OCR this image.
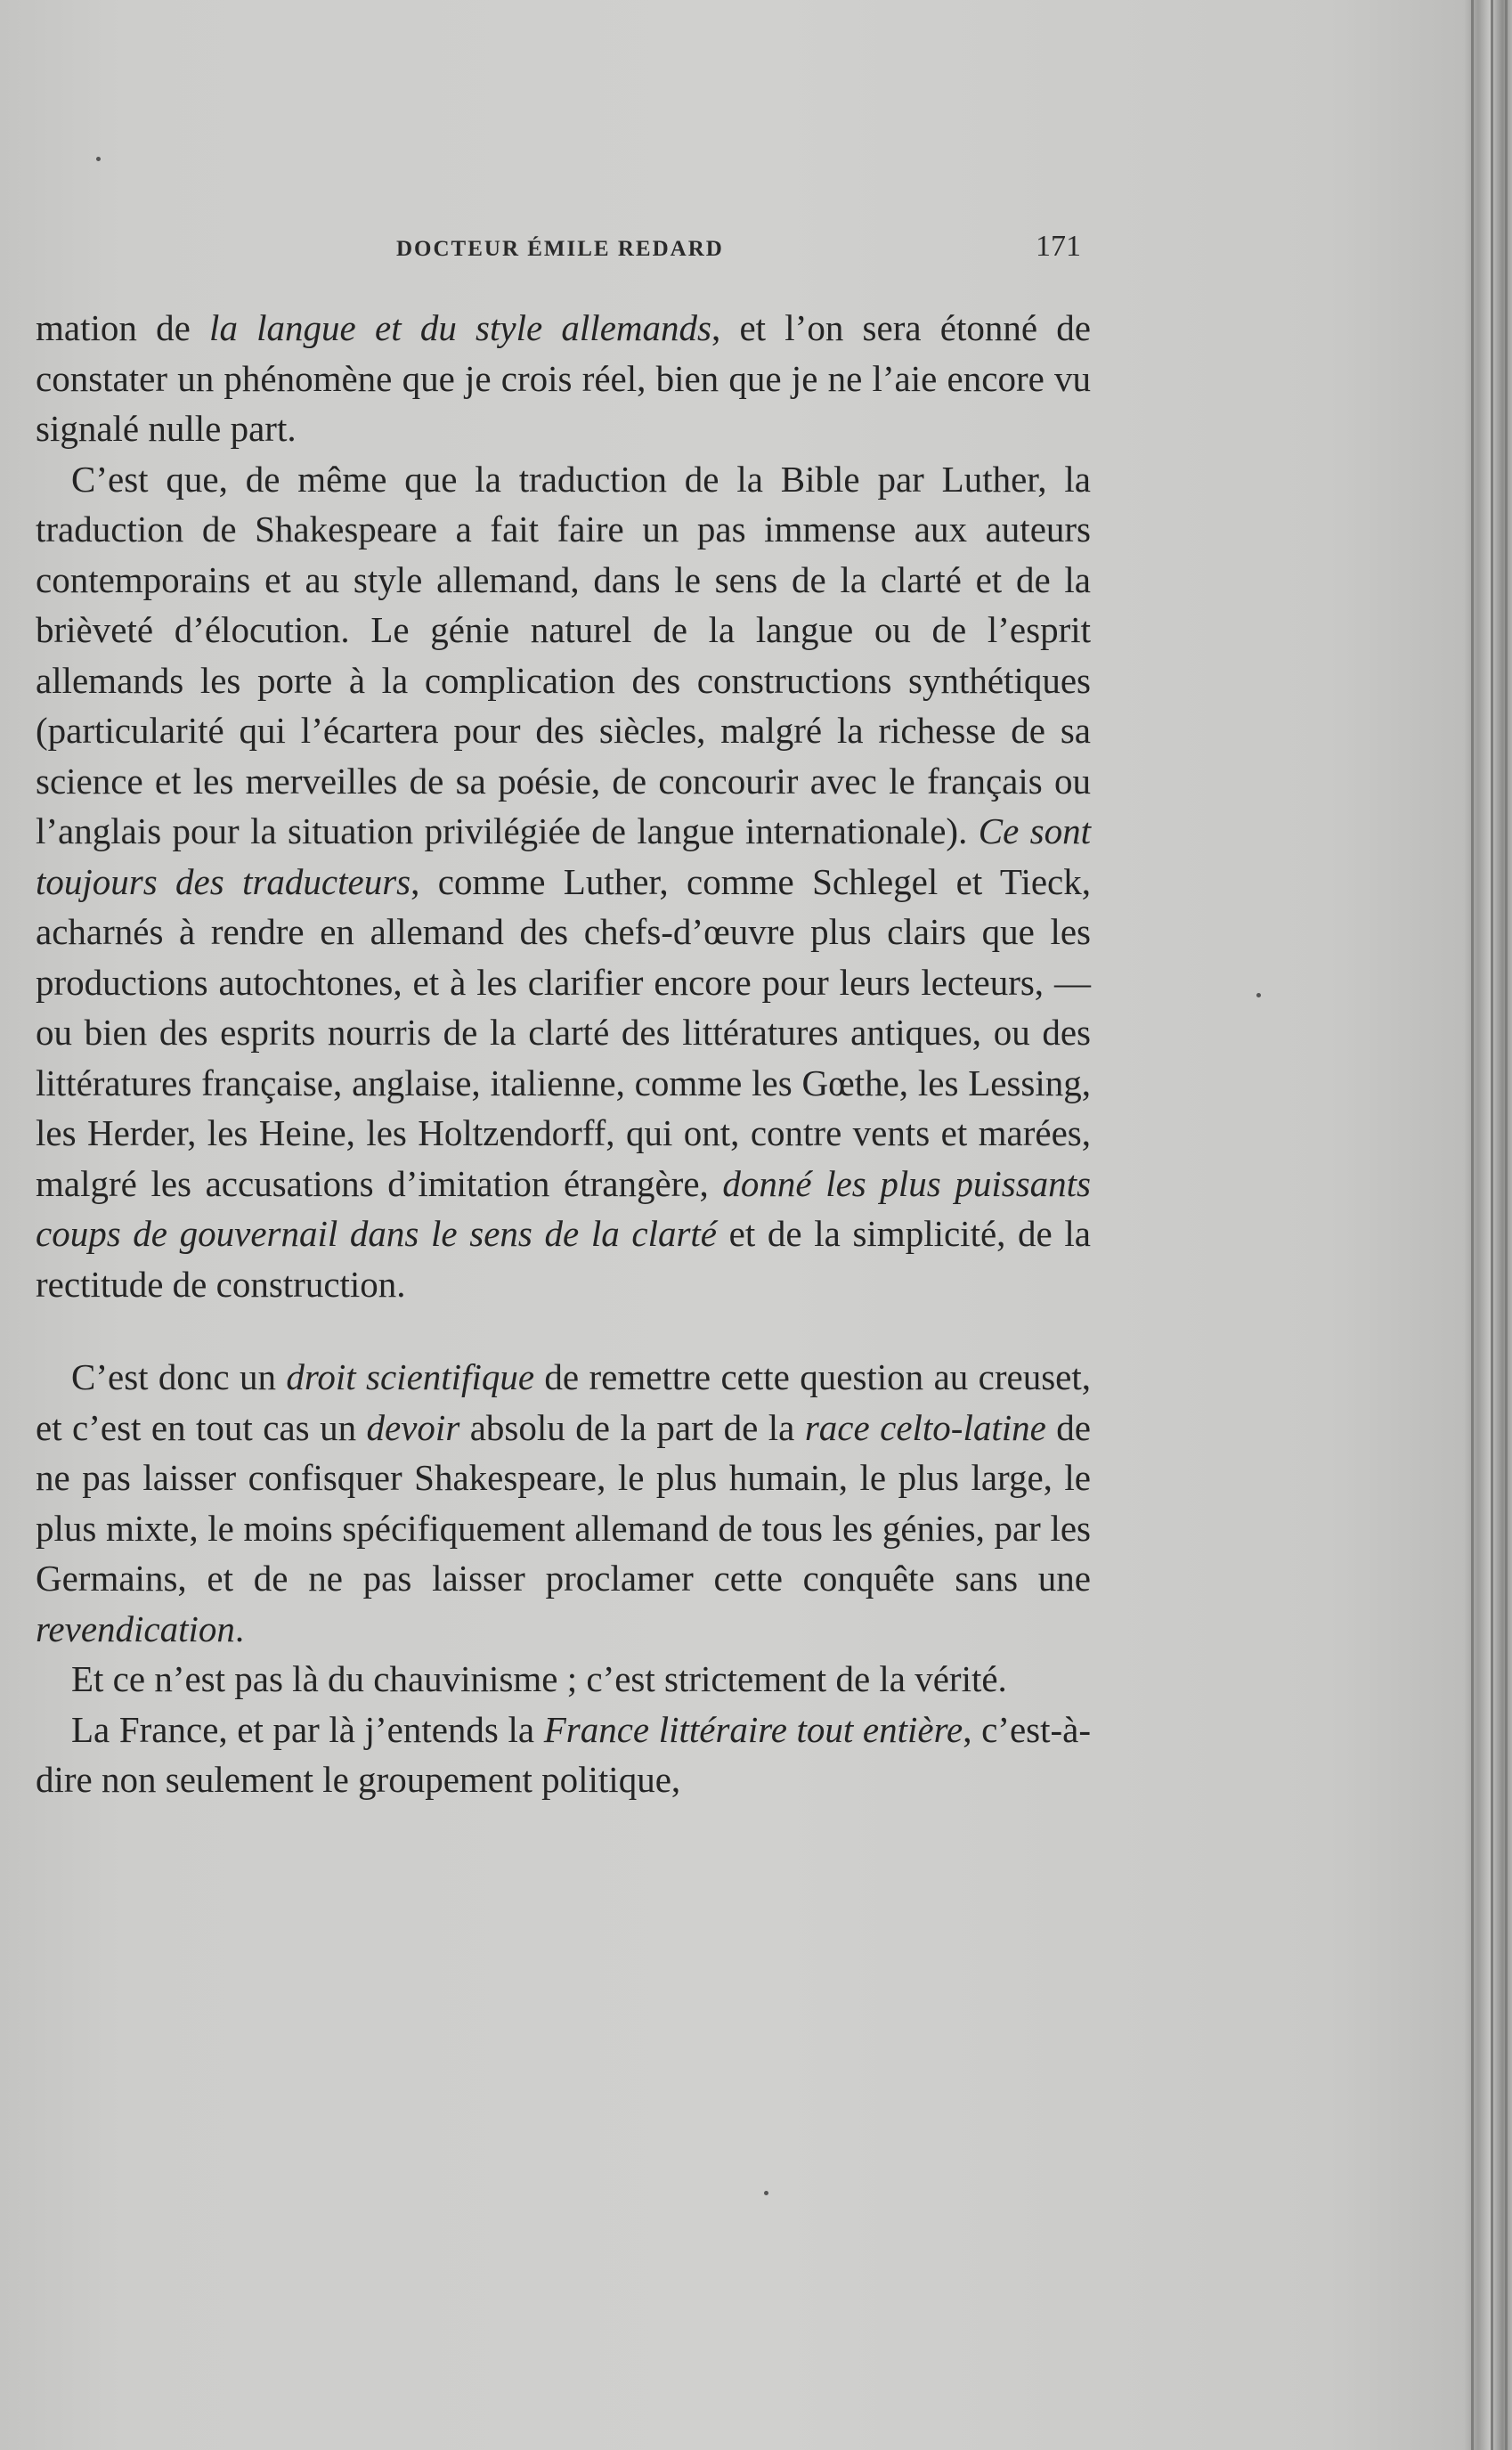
DOCTEUR ÉMILE REDARD	171

mation de la langue et du style allemands, et l’on sera étonné de constater un phénomène que je crois réel, bien que je ne l’aie encore vu signalé nulle part.

C’est que, de même que la traduction de la Bible par Luther, la traduction de Shakespeare a fait faire un pas immense aux auteurs contemporains et au style allemand, dans le sens de la clarté et de la brièveté d’élocution. Le génie naturel de la langue ou de l’esprit allemands les porte à la complication des constructions synthétiques (particularité qui l’écartera pour des siècles, malgré la richesse de sa science et les merveilles de sa poésie, de concourir avec le français ou l’anglais pour la situation privilégiée de langue internationale). Ce sont toujours des traducteurs, comme Luther, comme Schlegel et Tieck, acharnés à rendre en allemand des chefs-d’œuvre plus clairs que les productions autochtones, et à les clarifier encore pour leurs lecteurs, — ou bien des esprits nourris de la clarté des littératures antiques, ou des littératures française, anglaise, italienne, comme les Gœthe, les Lessing, les Herder, les Heine, les Holtzendorff, qui ont, contre vents et marées, malgré les accusations d’imitation étrangère, donné les plus puissants coups de gouvernail dans le sens de la clarté et de la simplicité, de la rectitude de construction.

C’est donc un droit scientifique de remettre cette question au creuset, et c’est en tout cas un devoir absolu de la part de la race celto-latine de ne pas laisser confisquer Shakespeare, le plus humain, le plus large, le plus mixte, le moins spécifiquement allemand de tous les génies, par les Germains, et de ne pas laisser proclamer cette conquête sans une revendication.

Et ce n’est pas là du chauvinisme ; c’est strictement de la vérité.

La France, et par là j’entends la France littéraire tout entière, c’est-à-dire non seulement le groupement politique,
